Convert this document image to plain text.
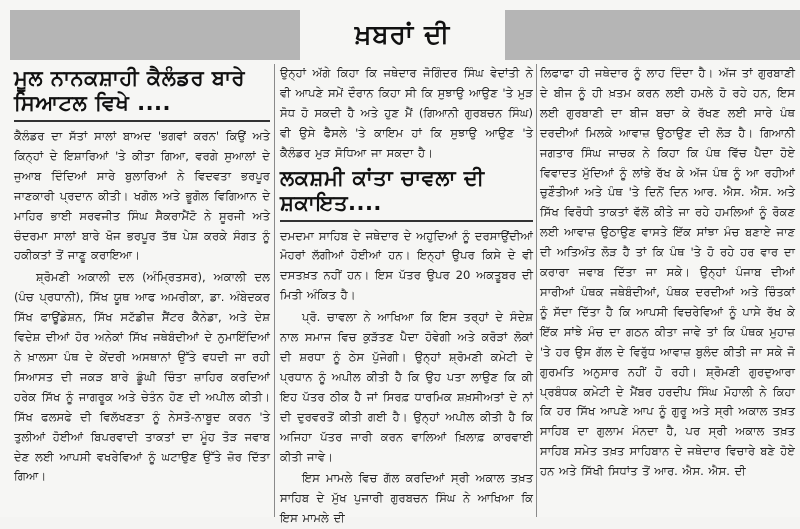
ਖ਼ਬਰਾਂ ਦੀ
ਮੂਲ ਨਾਨਕਸ਼ਾਹੀ ਕੈਲੰਡਰ ਬਾਰੇ ਸਿਆਟਲ ਵਿਖੇ ....

ਕੈਲੰਡਰ ਦਾ ਸੱਤਾਂ ਸਾਲਾਂ ਬਾਅਦ 'ਭਗਵਾਂ ਕਰਨ' ਕਿਉਂ ਅਤੇ ਕਿਨ੍ਹਾਂ ਦੇ ਇਸ਼ਾਰਿਆਂ 'ਤੇ ਕੀਤਾ ਗਿਆ, ਵਰਗੇ ਸੁਆਲਾਂ ਦੇ ਜੁਆਬ ਦਿੰਦਿਆਂ ਸਾਰੇ ਬੁਲਾਰਿਆਂ ਨੇ ਵਿਦਵਤਾ ਭਰਪੂਰ ਜਾਣਕਾਰੀ ਪ੍ਰਦਾਨ ਕੀਤੀ। ਖਗੋਲ ਅਤੇ ਭੂਗੋਲ ਵਿਗਿਆਨ ਦੇ ਮਾਹਿਰ ਭਾਈ ਸਰਵਜੀਤ ਸਿੰਘ ਸੈਕਰਾਮੈਂਟੋ ਨੇ ਸੂਰਜੀ ਅਤੇ ਚੰਦਰਮਾ ਸਾਲਾਂ ਬਾਰੇ ਖੋਜ ਭਰਪੂਰ ਤੱਥ ਪੇਸ਼ ਕਰਕੇ ਸੰਗਤ ਨੂੰ ਹਕੀਕਤਾਂ ਤੋਂ ਜਾਣੂ ਕਰਾਇਆ।

ਸ਼੍ਰੋਮਣੀ ਅਕਾਲੀ ਦਲ (ਅੰਮ੍ਰਿਤਸਰ), ਅਕਾਲੀ ਦਲ (ਪੰਚ ਪ੍ਰਧਾਨੀ), ਸਿੱਖ ਯੂਥ ਆਫ ਅਮਰੀਕਾ, ਡਾ. ਅੰਬੇਦਕਰ ਸਿੱਖ ਫਾਊਂਡੇਸ਼ਨ, ਸਿੱਖ ਸਟੱਡੀਜ਼ ਸੈਂਟਰ ਕੈਨੇਡਾ, ਅਤੇ ਦੇਸ਼ ਵਿਦੇਸ਼ ਦੀਆਂ ਹੋਰ ਅਨੇਕਾਂ ਸਿੱਖ ਜਥੇਬੰਦੀਆਂ ਦੇ ਨੁਮਾਇੰਦਿਆਂ ਨੇ ਖ਼ਾਲਸਾ ਪੰਥ ਦੇ ਕੇਂਦਰੀ ਅਸਥਾਨਾਂ ਉੱਤੇ ਵਧਦੀ ਜਾ ਰਹੀ ਸਿਆਸਤ ਦੀ ਜਕੜ ਬਾਰੇ ਡੂੰਘੀ ਚਿੰਤਾ ਜ਼ਾਹਿਰ ਕਰਦਿਆਂ ਹਰੇਕ ਸਿੱਖ ਨੂੰ ਜਾਗਰੂਕ ਅਤੇ ਚੇਤੰਨ ਹੋਣ ਦੀ ਅਪੀਲ ਕੀਤੀ। ਸਿੱਖ ਫਲਸਫੇ ਦੀ ਵਿਲੱਖਣਤਾ ਨੂੰ ਨੇਸਤੋ-ਨਾਬੂਦ ਕਰਨ 'ਤੇ ਤੁਲੀਆਂ ਹੋਈਆਂ ਬਿਪਰਵਾਦੀ ਤਾਕਤਾਂ ਦਾ ਮੂੰਹ ਤੋੜ ਜਵਾਬ ਦੇਣ ਲਈ ਆਪਸੀ ਵਖਰੇਵਿਆਂ ਨੂੰ ਘਟਾਉਣ ਉੱਤੇ ਜ਼ੋਰ ਦਿੱਤਾ ਗਿਆ।

ਉਨ੍ਹਾਂ ਅੱਗੇ ਕਿਹਾ ਕਿ ਜਥੇਦਾਰ ਜੋਗਿੰਦਰ ਸਿੰਘ ਵੇਦਾਂਤੀ ਨੇ ਵੀ ਆਪਣੇ ਸਮੇਂ ਦੌਰਾਨ ਕਿਹਾ ਸੀ ਕਿ ਸੁਝਾਉ ਆਉਣ 'ਤੇ ਮੁੜ ਸੋਧ ਹੋ ਸਕਦੀ ਹੈ ਅਤੇ ਹੁਣ ਮੈਂ (ਗਿਆਨੀ ਗੁਰਬਚਨ ਸਿੰਘ) ਵੀ ਉਸੇ ਫੈਸਲੇ 'ਤੇ ਕਾਇਮ ਹਾਂ ਕਿ ਸੁਝਾਉ ਆਉਣ 'ਤੇ ਕੈਲੰਡਰ ਮੁੜ ਸੋਧਿਆ ਜਾ ਸਕਦਾ ਹੈ।

ਲਕਸ਼ਮੀ ਕਾਂਤਾ ਚਾਵਲਾ ਦੀ ਸ਼ਕਾਇਤ....

ਦਮਦਮਾ ਸਾਹਿਬ ਦੇ ਜਥੇਦਾਰ ਦੇ ਅਹੁਦਿਆਂ ਨੂੰ ਦਰਸਾਉਂਦੀਆਂ ਮੋਹਰਾਂ ਲੱਗੀਆਂ ਹੋਈਆਂ ਹਨ। ਇਨ੍ਹਾਂ ਉਪਰ ਕਿਸੇ ਦੇ ਵੀ ਦਸਤਖ਼ਤ ਨਹੀਂ ਹਨ। ਇਸ ਪੱਤਰ ਉਪਰ 20 ਅਕਤੂਬਰ ਦੀ ਮਿਤੀ ਅੰਕਿਤ ਹੈ।

ਪ੍ਰੋ. ਚਾਵਲਾ ਨੇ ਆਖਿਆ ਕਿ ਇਸ ਤਰ੍ਹਾਂ ਦੇ ਸੰਦੇਸ਼ ਨਾਲ ਸਮਾਜ ਵਿਚ ਕੁੜੱਤਣ ਪੈਦਾ ਹੋਵੇਗੀ ਅਤੇ ਕਰੋੜਾਂ ਲੋਕਾਂ ਦੀ ਸ਼ਰਧਾ ਨੂੰ ਠੇਸ ਪੁੱਜੇਗੀ। ਉਨ੍ਹਾਂ ਸ਼੍ਰੋਮਣੀ ਕਮੇਟੀ ਦੇ ਪ੍ਰਧਾਨ ਨੂੰ ਅਪੀਲ ਕੀਤੀ ਹੈ ਕਿ ਉਹ ਪਤਾ ਲਾਉਣ ਕਿ ਕੀ ਇਹ ਪੱਤਰ ਠੀਕ ਹੈ ਜਾਂ ਸਿਰਫ਼ ਧਾਰਮਿਕ ਸ਼ਖ਼ਸੀਅਤਾਂ ਦੇ ਨਾਂ ਦੀ ਦੁਰਵਰਤੋਂ ਕੀਤੀ ਗਈ ਹੈ। ਉਨ੍ਹਾਂ ਅਪੀਲ ਕੀਤੀ ਹੈ ਕਿ ਅਜਿਹਾ ਪੱਤਰ ਜਾਰੀ ਕਰਨ ਵਾਲਿਆਂ ਖ਼ਿਲਾਫ਼ ਕਾਰਵਾਈ ਕੀਤੀ ਜਾਵੇ।

ਇਸ ਮਾਮਲੇ ਵਿਚ ਗੱਲ ਕਰਦਿਆਂ ਸ੍ਰੀ ਅਕਾਲ ਤਖ਼ਤ ਸਾਹਿਬ ਦੇ ਮੁੱਖ ਪੁਜਾਰੀ ਗੁਰਬਚਨ ਸਿੰਘ ਨੇ ਆਖਿਆ ਕਿ ਇਸ ਮਾਮਲੇ ਦੀ

ਲਿਫਾਫਾ ਹੀ ਜਥੇਦਾਰ ਨੂੰ ਲਾਹ ਦਿੰਦਾ ਹੈ। ਅੱਜ ਤਾਂ ਗੁਰਬਾਣੀ ਦੇ ਬੀਜ ਨੂੰ ਹੀ ਖ਼ਤਮ ਕਰਨ ਲਈ ਹਮਲੇ ਹੋ ਰਹੇ ਹਨ, ਇਸ ਲਈ ਗੁਰਬਾਣੀ ਦਾ ਬੀਜ ਬਚਾ ਕੇ ਰੱਖਣ ਲਈ ਸਾਰੇ ਪੰਥ ਦਰਦੀਆਂ ਮਿਲਕੇ ਆਵਾਜ਼ ਉਠਾਉਣ ਦੀ ਲੋੜ ਹੈ। ਗਿਆਨੀ ਜਗਤਾਰ ਸਿੰਘ ਜਾਚਕ ਨੇ ਕਿਹਾ ਕਿ ਪੰਥ ਵਿੱਚ ਪੈਦਾ ਹੋਏ ਵਿਵਾਦਤ ਮੁੱਦਿਆਂ ਨੂੰ ਲਾਂਭੇ ਰੱਖ ਕੇ ਅੱਜ ਪੰਥ ਨੂੰ ਆ ਰਹੀਆਂ ਚੁਣੌਤੀਆਂ ਅਤੇ ਪੰਥ 'ਤੇ ਦਿਨੋਂ ਦਿਨ ਆਰ. ਐਸ. ਐਸ. ਅਤੇ ਸਿੱਖ ਵਿਰੋਧੀ ਤਾਕਤਾਂ ਵੱਲੋਂ ਕੀਤੇ ਜਾ ਰਹੇ ਹਮਲਿਆਂ ਨੂੰ ਰੋਕਣ ਲਈ ਆਵਾਜ਼ ਉਠਾਉਣ ਵਾਸਤੇ ਇੱਕ ਸਾਂਝਾ ਮੰਚ ਬਣਾਏ ਜਾਣ ਦੀ ਅਤਿਅੰਤ ਲੋੜ ਹੈ ਤਾਂ ਕਿ ਪੰਥ 'ਤੇ ਹੋ ਰਹੇ ਹਰ ਵਾਰ ਦਾ ਕਰਾਰਾ ਜਵਾਬ ਦਿੱਤਾ ਜਾ ਸਕੇ। ਉਨ੍ਹਾਂ ਪੰਜਾਬ ਦੀਆਂ ਸਾਰੀਆਂ ਪੰਥਕ ਜਥੇਬੰਦੀਆਂ, ਪੰਥਕ ਦਰਦੀਆਂ ਅਤੇ ਚਿੰਤਕਾਂ ਨੂੰ ਸੱਦਾ ਦਿੱਤਾ ਹੈ ਕਿ ਆਪਸੀ ਵਿਚਰੇਵਿਆਂ ਨੂੰ ਪਾਸੇ ਰੱਖ ਕੇ ਇੱਕ ਸਾਂਝੇ ਮੰਚ ਦਾ ਗਠਨ ਕੀਤਾ ਜਾਵੇ ਤਾਂ ਕਿ ਪੰਥਕ ਮੁਹਾਜ਼ 'ਤੇ ਹਰ ਉਸ ਗੱਲ ਦੇ ਵਿਰੁੱਧ ਆਵਾਜ਼ ਬੁਲੰਦ ਕੀਤੀ ਜਾ ਸਕੇ ਜੋ ਗੁਰਮਤਿ ਅਨੁਸਾਰ ਨਹੀਂ ਹੋ ਰਹੀ। ਸ਼੍ਰੋਮਣੀ ਗੁਰਦੁਆਰਾ ਪ੍ਰਬੰਧਕ ਕਮੇਟੀ ਦੇ ਮੈਂਬਰ ਹਰਦੀਪ ਸਿੰਘ ਮੋਹਾਲੀ ਨੇ ਕਿਹਾ ਕਿ ਹਰ ਸਿੱਖ ਆਪਣੇ ਆਪ ਨੂੰ ਗੁਰੂ ਅਤੇ ਸ੍ਰੀ ਅਕਾਲ ਤਖ਼ਤ ਸਾਹਿਬ ਦਾ ਗੁਲਾਮ ਮੰਨਦਾ ਹੈ, ਪਰ ਸ੍ਰੀ ਅਕਾਲ ਤਖ਼ਤ ਸਾਹਿਬ ਸਮੇਤ ਤਖ਼ਤ ਸਾਹਿਬਾਨ ਦੇ ਜਥੇਦਾਰ ਵਿਚਾਰੇ ਬਣੇ ਹੋਏ ਹਨ ਅਤੇ ਸਿੱਖੀ ਸਿਧਾਂਤ ਤੋਂ ਆਰ. ਐਸ. ਐਸ. ਦੀ
